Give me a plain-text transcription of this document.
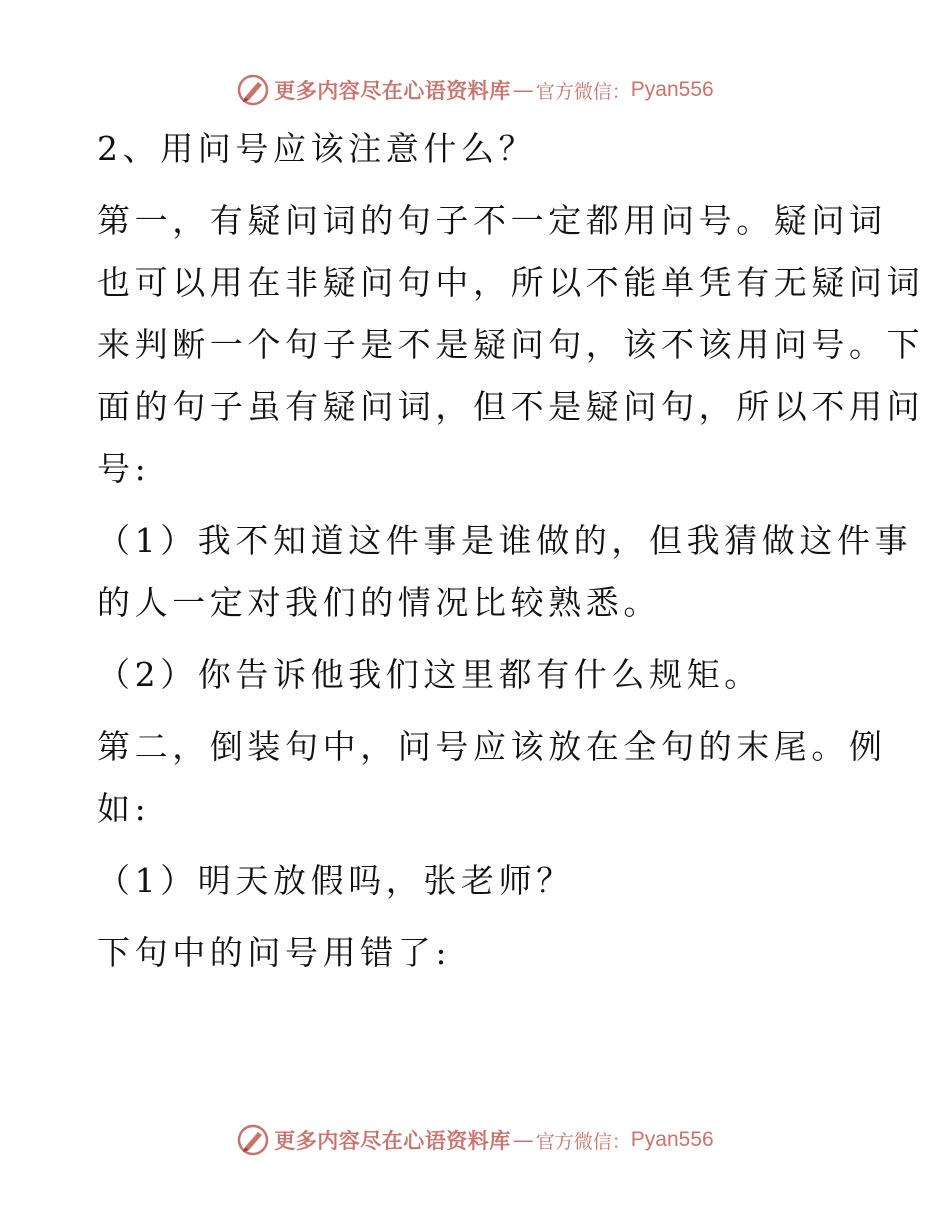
更多内容尽在心语资料库 — 官方微信： Pyan556
2、用问号应该注意什么？
第一，有疑问词的句子不一定都用问号。疑问词
也可以用在非疑问句中，所以不能单凭有无疑问词
来判断一个句子是不是疑问句，该不该用问号。下
面的句子虽有疑问词，但不是疑问句，所以不用问
号:
（1）我不知道这件事是谁做的，但我猜做这件事
的人一定对我们的情况比较熟悉。
（2）你告诉他我们这里都有什么规矩。
第二，倒装句中，问号应该放在全句的末尾。例
如:
（1）明天放假吗，张老师？
下句中的问号用错了:
更多内容尽在心语资料库 — 官方微信： Pyan556
